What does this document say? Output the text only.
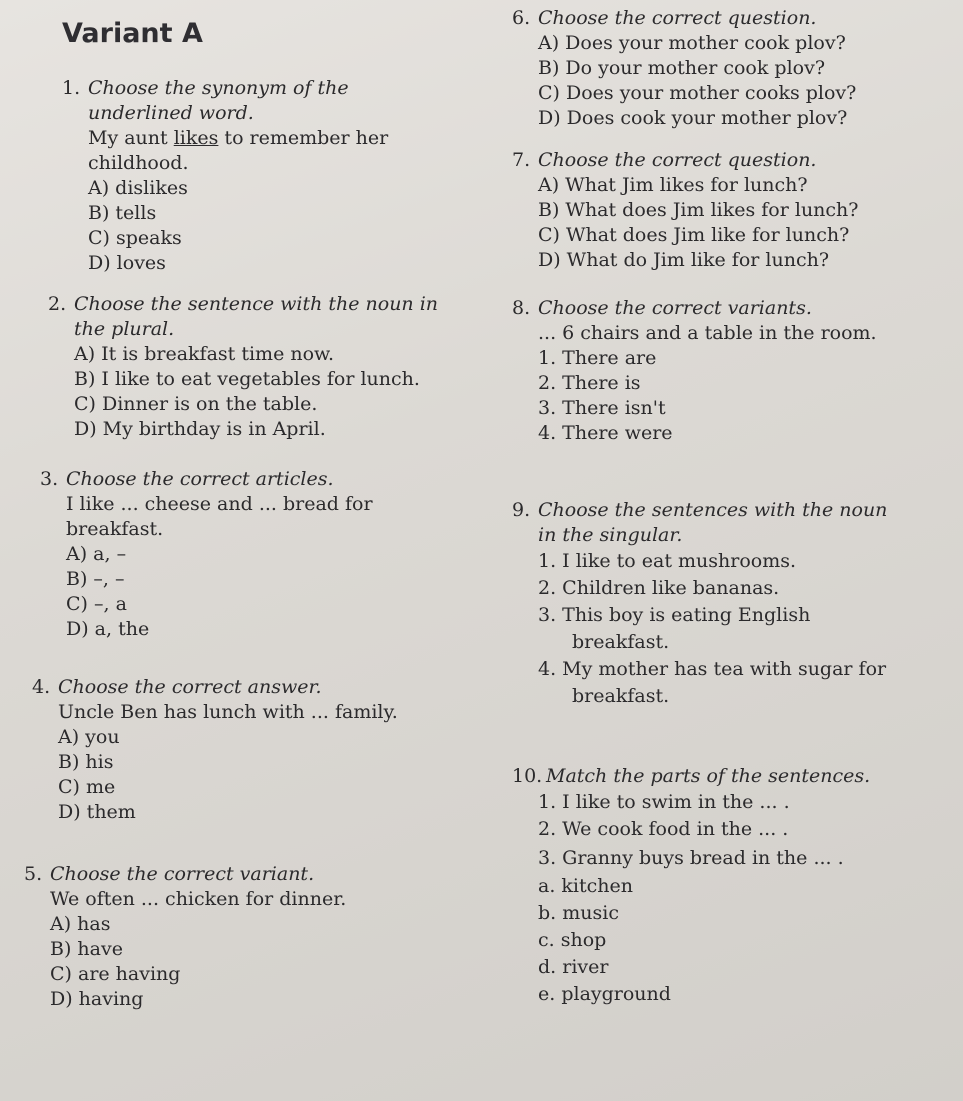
Variant A
1. Choose the synonym of the
underlined word.
My aunt likes to remember her
childhood.
A) dislikes
B) tells
C) speaks
D) loves
2. Choose the sentence with the noun in
the plural.
A) It is breakfast time now.
B) I like to eat vegetables for lunch.
C) Dinner is on the table.
D) My birthday is in April.
3. Choose the correct articles.
I like ... cheese and ... bread for
breakfast.
A) a, –
B) –, –
C) –, a
D) a, the
4. Choose the correct answer.
Uncle Ben has lunch with ... family.
A) you
B) his
C) me
D) them
5. Choose the correct variant.
We often ... chicken for dinner.
A) has
B) have
C) are having
D) having
6. Choose the correct question.
A) Does your mother cook plov?
B) Do your mother cook plov?
C) Does your mother cooks plov?
D) Does cook your mother plov?
7. Choose the correct question.
A) What Jim likes for lunch?
B) What does Jim likes for lunch?
C) What does Jim like for lunch?
D) What do Jim like for lunch?
8. Choose the correct variants.
... 6 chairs and a table in the room.
1. There are
2. There is
3. There isn't
4. There were
9. Choose the sentences with the noun
in the singular.
1. I like to eat mushrooms.
2. Children like bananas.
3. This boy is eating English
breakfast.
4. My mother has tea with sugar for
breakfast.
10. Match the parts of the sentences.
1. I like to swim in the ... .
2. We cook food in the ... .
3. Granny buys bread in the ... .
a. kitchen
b. music
c. shop
d. river
e. playground
